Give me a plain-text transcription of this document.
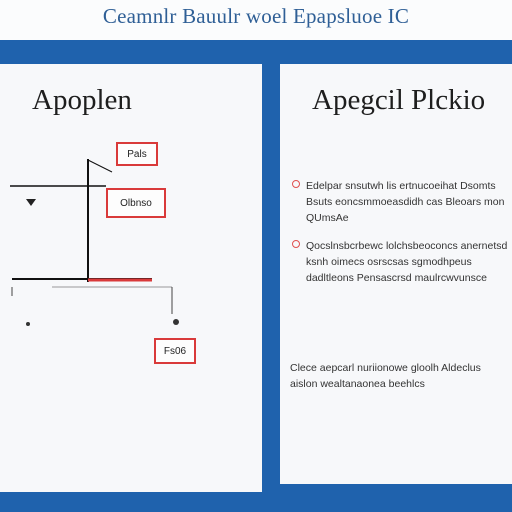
Ceamnlr Bauulr woel Epapsluoe IC
Apoplen
Pals
Olbnso
Fs06
Apegcil Plckio
Edelpar snsutwh lis ertnucoeihat Dsomts Bsuts eoncsmmoeasdidh cas Bleoars mon QUmsAe
Qocslnsbcrbewc lolchsbeoconcs anernetsd ksnh oimecs osrscsas sgmodhpeus dadltleons Pensascrsd maulrcwvunsce
Clece aepcarl nuriionowe gloolh Aldeclus aislon wealtanaonea beehlcs
